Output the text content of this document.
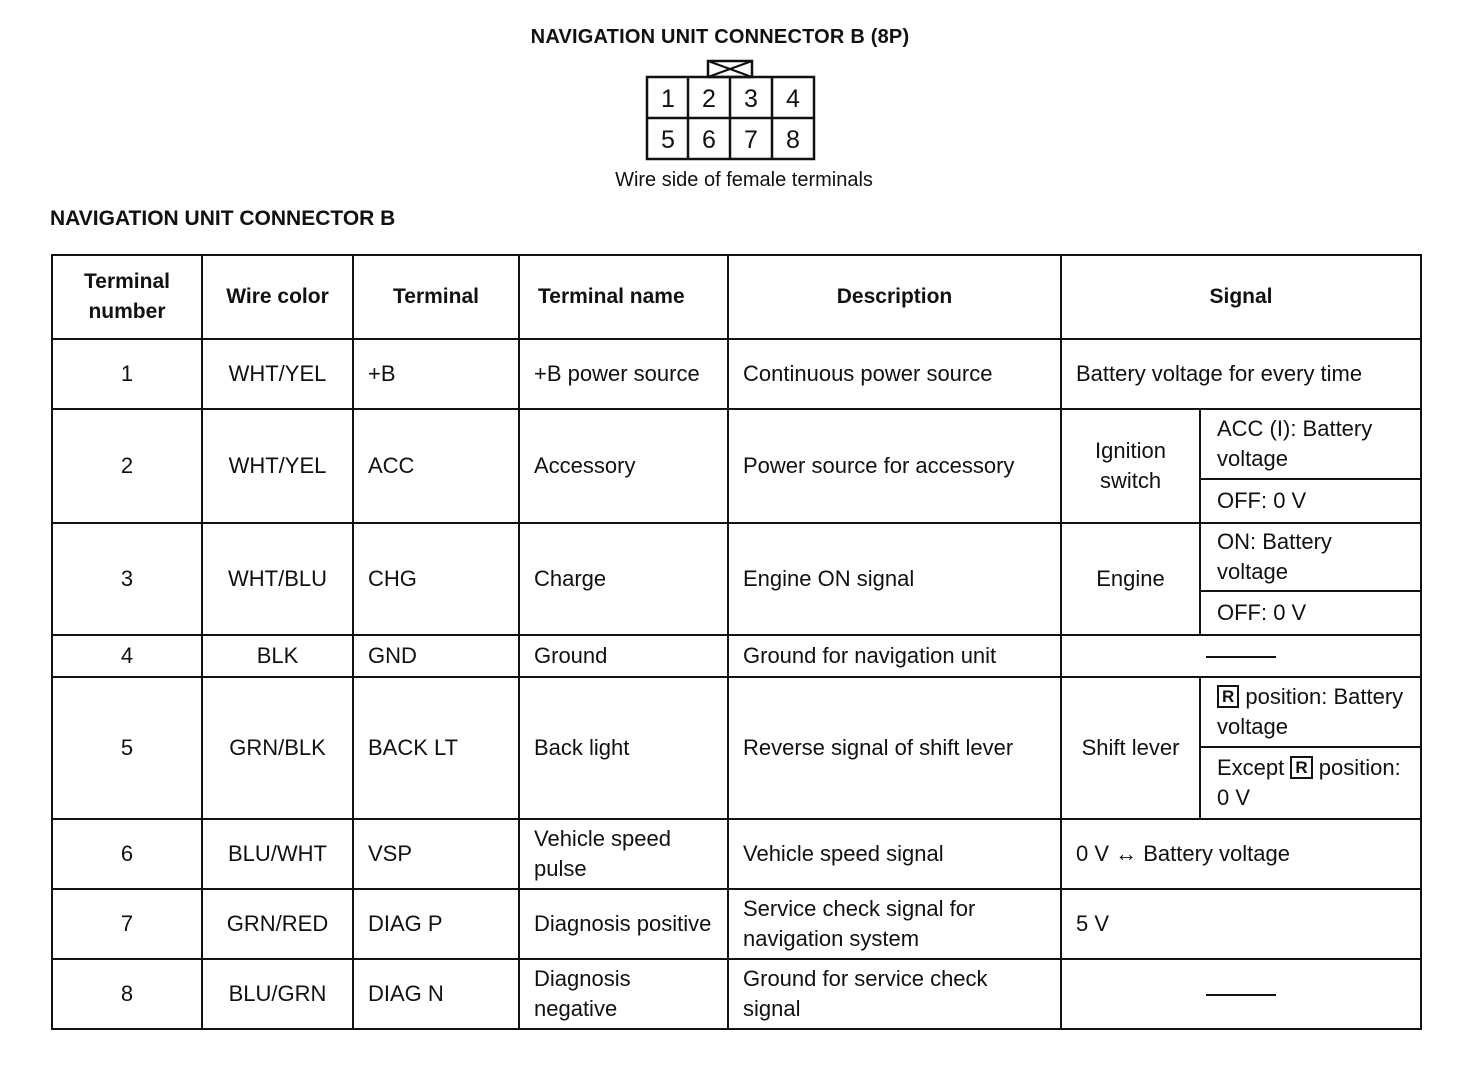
NAVIGATION UNIT CONNECTOR B (8P)
1 2 3 4
5 6 7 8
Wire side of female terminals
NAVIGATION UNIT CONNECTOR B
Terminal number	Wire color	Terminal	Terminal name	Description	Signal	
1	WHT/YEL	+B	+B power source	Continuous power source	Battery voltage for every time	
2	WHT/YEL	ACC	Accessory	Power source for accessory	Ignition switch	ACC (I): Battery voltage
						OFF: 0 V
3	WHT/BLU	CHG	Charge	Engine ON signal	Engine	ON: Battery voltage
						OFF: 0 V
4	BLK	GND	Ground	Ground for navigation unit		
5	GRN/BLK	BACK LT	Back light	Reverse signal of shift lever	Shift lever	R position: Battery voltage
						Except R position: 0 V
6	BLU/WHT	VSP	Vehicle speed pulse	Vehicle speed signal	0 V ↔ Battery voltage	
7	GRN/RED	DIAG P	Diagnosis positive	Service check signal for navigation system	5 V	
8	BLU/GRN	DIAG N	Diagnosis negative	Ground for service check signal		
